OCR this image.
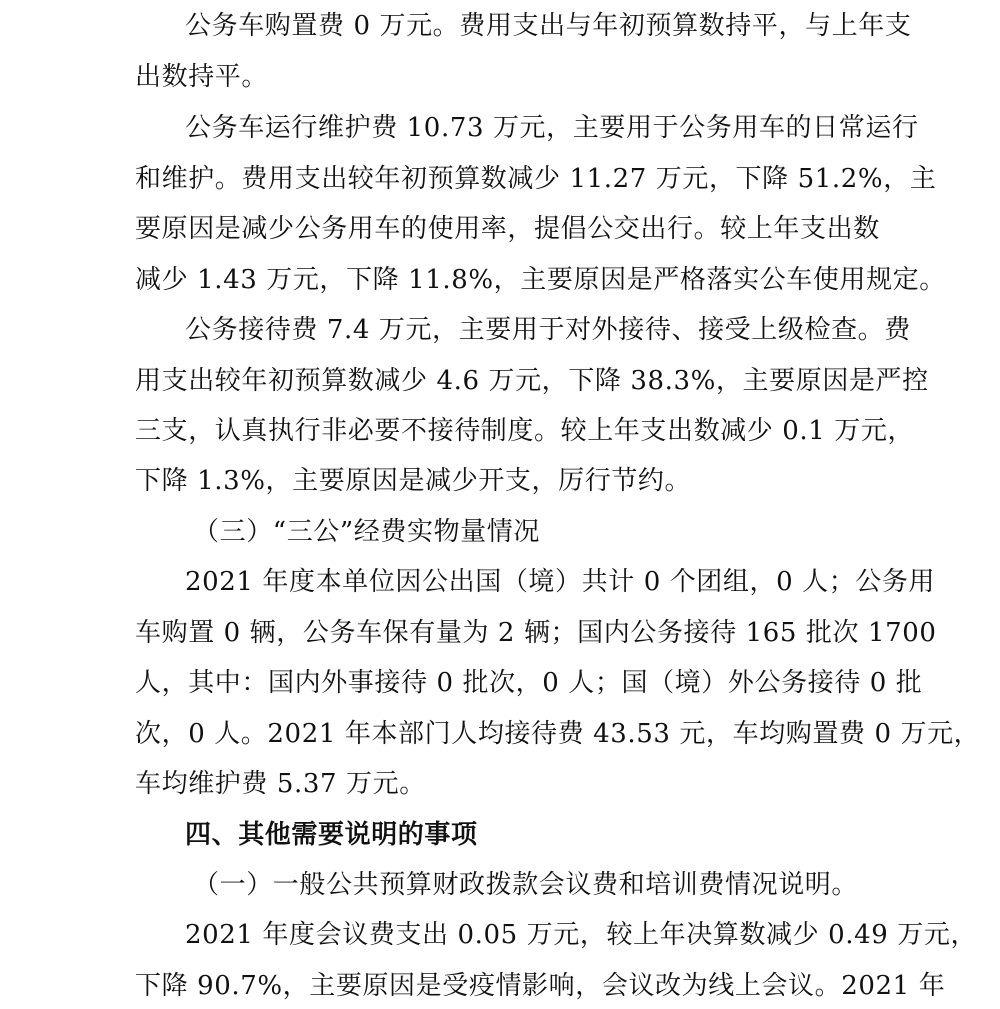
公务车购置费 0 万元。费用支出与年初预算数持平，与上年支
出数持平。
公务车运行维护费 10.73 万元，主要用于公务用车的日常运行
和维护。费用支出较年初预算数减少 11.27 万元，下降 51.2%，主
要原因是减少公务用车的使用率，提倡公交出行。较上年支出数
减少 1.43 万元，下降 11.8%，主要原因是严格落实公车使用规定。
公务接待费 7.4 万元，主要用于对外接待、接受上级检查。费
用支出较年初预算数减少 4.6 万元，下降 38.3%，主要原因是严控
三支，认真执行非必要不接待制度。较上年支出数减少 0.1 万元，
下降 1.3%，主要原因是减少开支，厉行节约。
（三）“三公”经费实物量情况
2021 年度本单位因公出国（境）共计 0 个团组，0 人；公务用
车购置 0 辆，公务车保有量为 2 辆；国内公务接待 165 批次 1700
人，其中：国内外事接待 0 批次，0 人；国（境）外公务接待 0 批
次，0 人。2021 年本部门人均接待费 43.53 元，车均购置费 0 万元，
车均维护费 5.37 万元。
四、其他需要说明的事项
（一）一般公共预算财政拨款会议费和培训费情况说明。
2021 年度会议费支出 0.05 万元，较上年决算数减少 0.49 万元，
下降 90.7%，主要原因是受疫情影响，会议改为线上会议。2021 年
